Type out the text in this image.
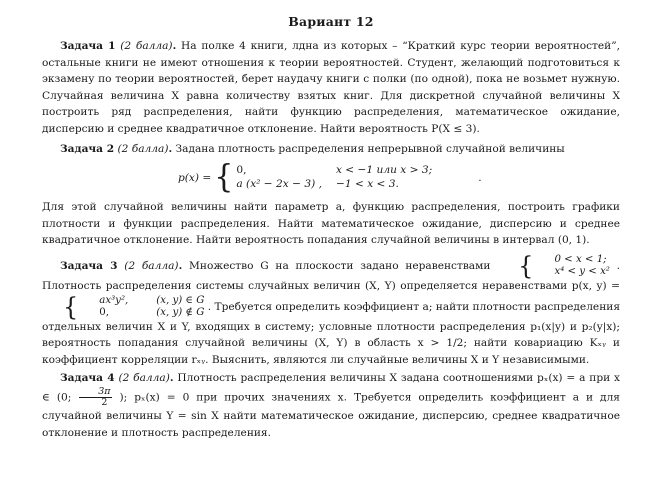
Вариант 12

Задача 1 (2 балла). На полке 4 книги, лдна из которых – “Краткий курс теории вероятностей”, остальные книги не имеют отношения к теории вероятностей. Студент, желающий подготовиться к экзамену по теории вероятностей, берет наудачу книги с полки (по одной), пока не возьмет нужную. Случайная величина X равна количеству взятых книг. Для дискретной случайной величины X построить ряд распределения, найти функцию распределения, математическое ожидание, дисперсию и среднее квадратичное отклонение. Найти вероятность P(X ≤ 3).

Задача 2 (2 балла). Задана плотность распределения непрерывной случайной величины

p(x) = { 0,	x < −1 или x > 3;
a (x² − 2x − 3) , −1 < x < 3.
.

Для этой случайной величины найти параметр a, функцию распределения, построить графики плотности и функции распределения. Найти математическое ожидание, дисперсию и среднее квадратичное отклонение. Найти вероятность попадания случайной величины в интервал (0, 1).

Задача 3 (2 балла). Множество G на плоскости задано неравенствами	{	0 < x < 1;
x⁴ < y < x² . Плотность распределения системы случайных величин (X, Y) определяется неравенствами p(x, y) =
{	ax³y²,	(x, y) ∈ G
0,	(x, y) ∉ G . Требуется определить коэффициент a; найти плотности распределения отдельных величин X и Y, входящих в систему; условные плотности распределения p₁(x|y) и p₂(y|x); вероятность попадания случайной величины (X, Y) в область x > 1/2; найти ковариацию Kₓᵧ и коэффициент корреляции rₓᵧ. Выяснить, являются ли случайные величины X и Y независимыми.

Задача 4 (2 балла). Плотность распределения величины X задана соотношениями pₓ(x) = a при x ∈ (0; $\frac{3\pi}{2}$ ); pₓ(x) = 0 при прочих значениях x. Требуется определить коэффициент a и для случайной величины Y = sin X найти математическое ожидание, дисперсию, среднее квадратичное отклонение и плотность распределения.
